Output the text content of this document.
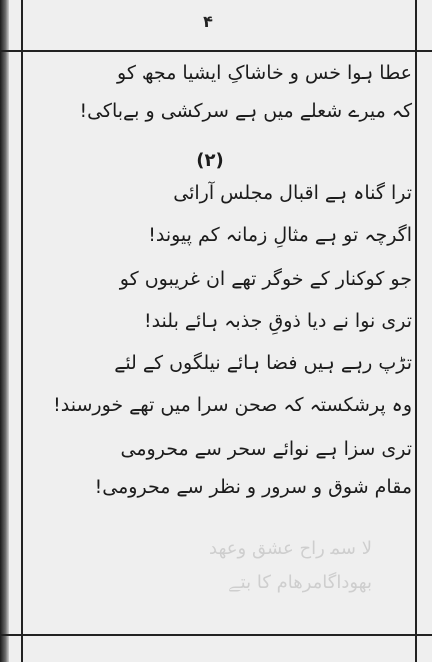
۴
ﻻ ﺳﻤ ﺭﺍﺡ ﻋﺸﻖ ﻭﻋﻬﺪ
ﺑﻬﻮﺩﺍﮔﺎﻣﺮﻫﺎﻡ ﮐﺎ ﺑﺘﮯ
عطا ہوا خس و خاشاکِ ایشیا مجھ کو
کہ میرے شعلے میں ہے سرکشی و بےباکی!
(۲)
ترا گناہ ہے اقبال مجلس آرائی
اگرچہ تو ہے مثالِ زمانہ کم پیوند!
جو کوکنار کے خوگر تھے ان غریبوں کو
تری نوا نے دیا ذوقِ جذبہ ہائے بلند!
تڑپ رہے ہیں فضا ہائے نیلگوں کے لئے
وہ پرشکستہ کہ صحن سرا میں تھے خورسند!
تری سزا ہے نوائے سحر سے محرومی
مقام شوق و سرور و نظر سے محرومی!
